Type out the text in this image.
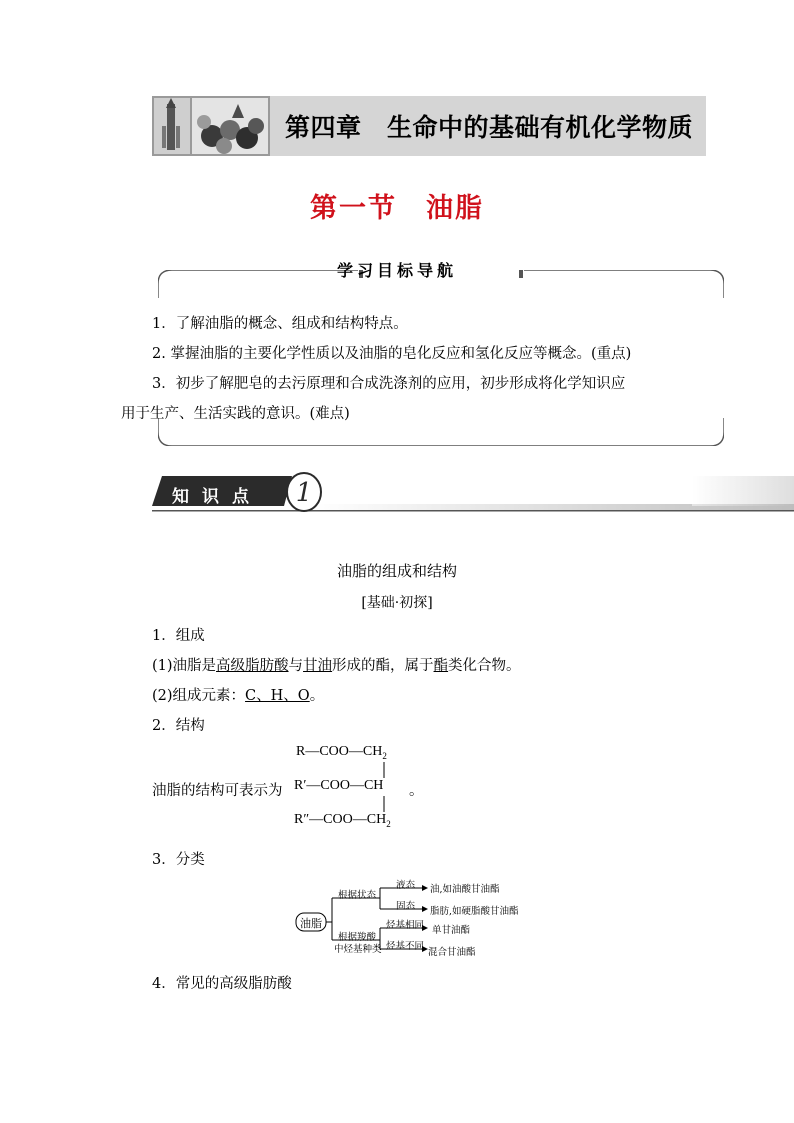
第四章　生命中的基础有机化学物质
第一节　油脂
学习目标导航
1．了解油脂的概念、组成和结构特点。
2. 掌握油脂的主要化学性质以及油脂的皂化反应和氢化反应等概念。(重点)
3．初步了解肥皂的去污原理和合成洗涤剂的应用，初步形成将化学知识应
用于生产、生活实践的意识。(难点)
1
知识点
油脂的组成和结构
[基础·初探]
1．组成
(1)油脂是高级脂肪酸与甘油形成的酯，属于酯类化合物。
(2)组成元素：C、H、O。
2．结构
油脂的结构可表示为
$R—COO—CH_2$
R′—COO—CH
$R''—COO—CH_2$
。
3．分类
油脂
根据状态
根据羧酸
中烃基种类
液态 油,如油酸甘油酯
固态 脂肪,如硬脂酸甘油酯
烃基相同 单甘油酯
烃基不同
混合甘油酯
4．常见的高级脂肪酸
